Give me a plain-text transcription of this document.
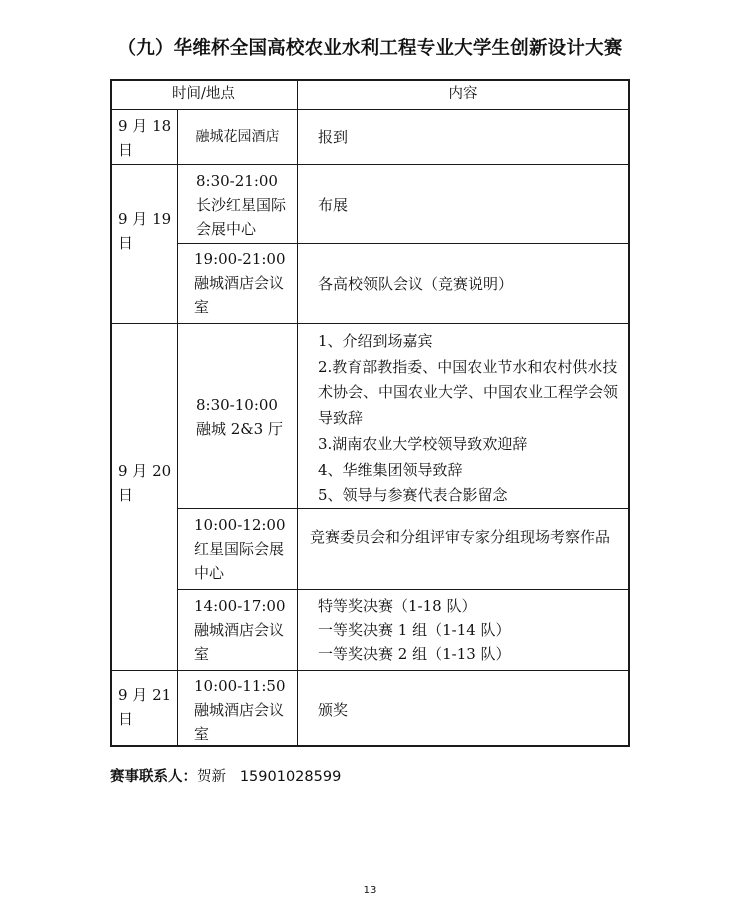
（九）华维杯全国高校农业水利工程专业大学生创新设计大赛
时间/地点	内容
9 月 18 日
融城花园酒店	报到
9 月 19 日
8:30-21:00
长沙红星国际会展中心
布展
19:00-21:00
融城酒店会议室
各高校领队会议（竞赛说明）
9 月 20 日
8:30-10:00
融城 2&3 厅
1、介绍到场嘉宾
2.教育部教指委、中国农业节水和农村供水技术协会、中国农业大学、中国农业工程学会领导致辞
3.湖南农业大学校领导致欢迎辞
4、华维集团领导致辞
5、领导与参赛代表合影留念
10:00-12:00
红星国际会展中心
竞赛委员会和分组评审专家分组现场考察作品
14:00-17:00
融城酒店会议室
特等奖决赛（1-18 队）
一等奖决赛 1 组（1-14 队）
一等奖决赛 2 组（1-13 队）
9 月 21 日
10:00-11:50
融城酒店会议室
颁奖
赛事联系人：贺新 15901028599
13
